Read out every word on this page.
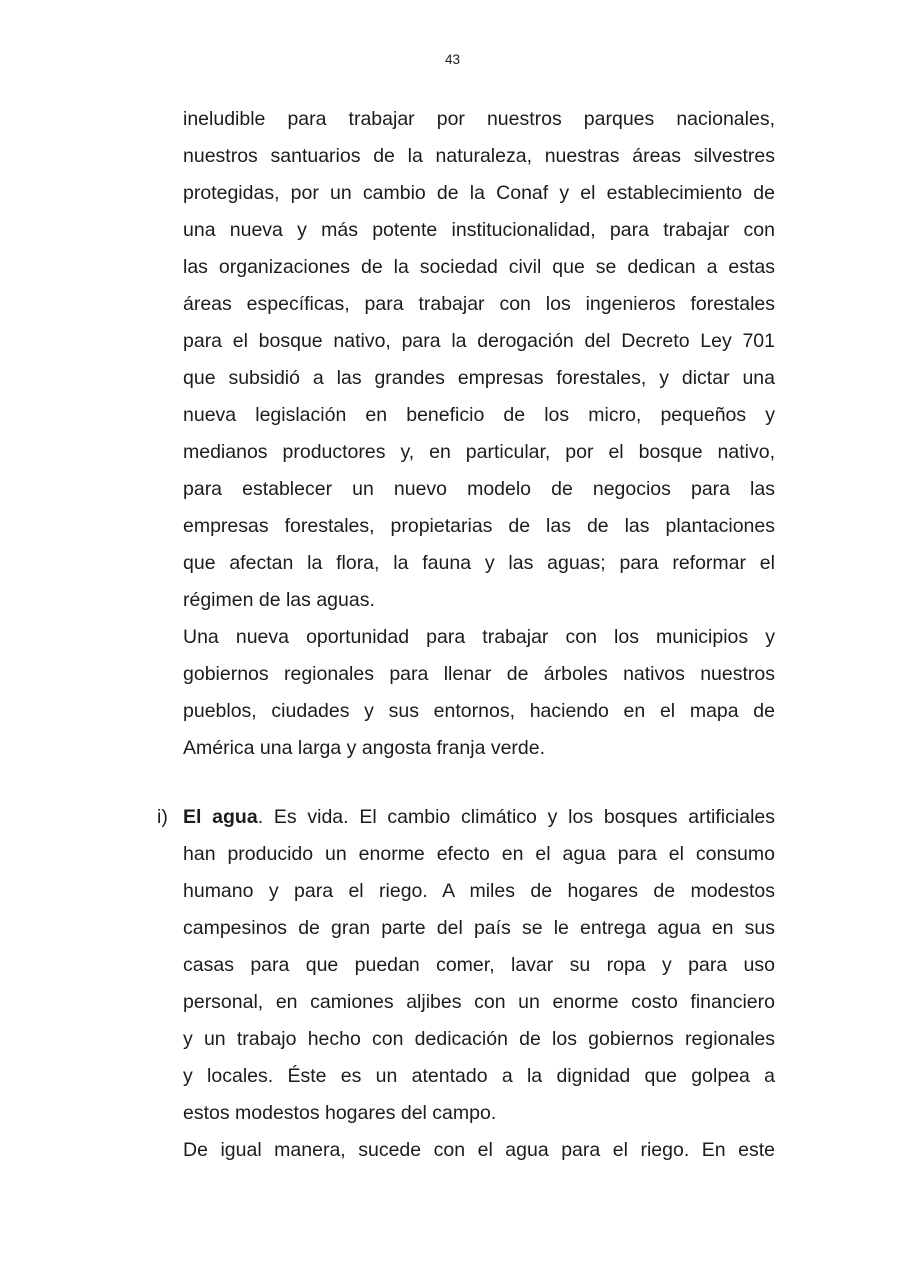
43
ineludible para trabajar por nuestros parques nacionales,
nuestros santuarios de la naturaleza, nuestras áreas silvestres
protegidas, por un cambio de la Conaf y el establecimiento de
una nueva y más potente institucionalidad, para trabajar con
las organizaciones de la sociedad civil que se dedican a estas
áreas específicas, para trabajar con los ingenieros forestales
para el bosque nativo, para la derogación del Decreto Ley 701
que subsidió a las grandes empresas forestales, y dictar una
nueva legislación en beneficio de los micro, pequeños y
medianos productores y, en particular, por el bosque nativo,
para establecer un nuevo modelo de negocios para las
empresas forestales, propietarias de las de las plantaciones
que afectan la flora, la fauna y las aguas; para reformar el
régimen de las aguas.
Una nueva oportunidad para trabajar con los municipios y
gobiernos regionales para llenar de árboles nativos nuestros
pueblos, ciudades y sus entornos, haciendo en el mapa de
América una larga y angosta franja verde.
i) El agua. Es vida. El cambio climático y los bosques artificiales
han producido un enorme efecto en el agua para el consumo
humano y para el riego. A miles de hogares de modestos
campesinos de gran parte del país se le entrega agua en sus
casas para que puedan comer, lavar su ropa y para uso
personal, en camiones aljibes con un enorme costo financiero
y un trabajo hecho con dedicación de los gobiernos regionales
y locales. Éste es un atentado a la dignidad que golpea a
estos modestos hogares del campo.
De igual manera, sucede con el agua para el riego. En este
